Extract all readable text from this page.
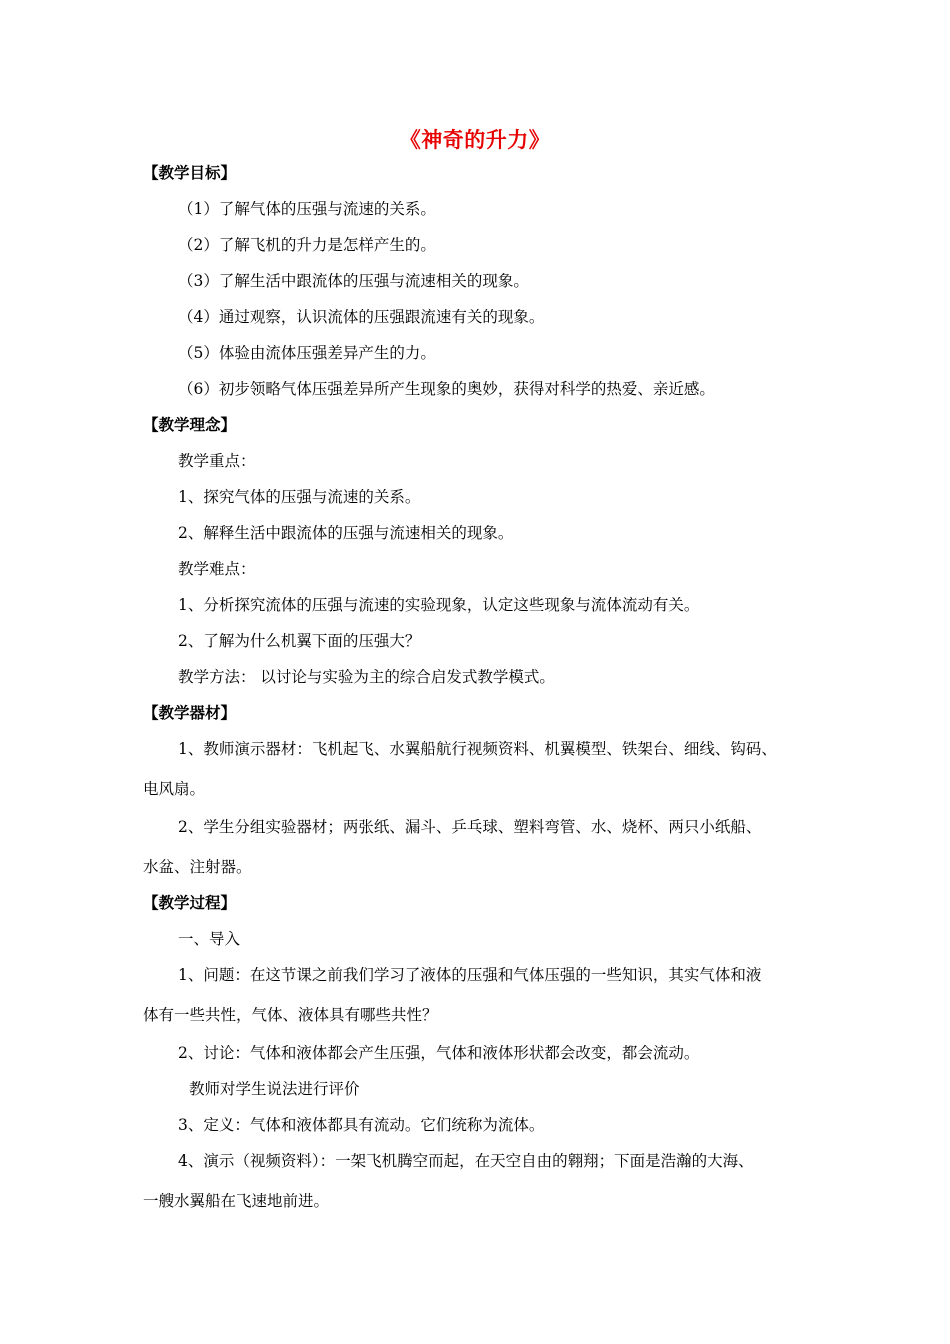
《神奇的升力》
【教学目标】
（1）了解气体的压强与流速的关系。
（2）了解飞机的升力是怎样产生的。
（3）了解生活中跟流体的压强与流速相关的现象。
（4）通过观察，认识流体的压强跟流速有关的现象。
（5）体验由流体压强差异产生的力。
（6）初步领略气体压强差异所产生现象的奥妙，获得对科学的热爱、亲近感。
【教学理念】
教学重点：
1、探究气体的压强与流速的关系。
2、解释生活中跟流体的压强与流速相关的现象。
教学难点：
1、分析探究流体的压强与流速的实验现象，认定这些现象与流体流动有关。
2、了解为什么机翼下面的压强大？
教学方法： 以讨论与实验为主的综合启发式教学模式。
【教学器材】
1、教师演示器材：飞机起飞、水翼船航行视频资料、机翼模型、铁架台、细线、钩码、
电风扇。
2、学生分组实验器材；两张纸、漏斗、乒乓球、塑料弯管、水、烧杯、两只小纸船、
水盆、注射器。
【教学过程】
一、导入
1、问题：在这节课之前我们学习了液体的压强和气体压强的一些知识，其实气体和液
体有一些共性，气体、液体具有哪些共性？
2、讨论：气体和液体都会产生压强，气体和液体形状都会改变，都会流动。
教师对学生说法进行评价
3、定义：气体和液体都具有流动。它们统称为流体。
4、演示（视频资料）：一架飞机腾空而起，在天空自由的翱翔；下面是浩瀚的大海、
一艘水翼船在飞速地前进。
